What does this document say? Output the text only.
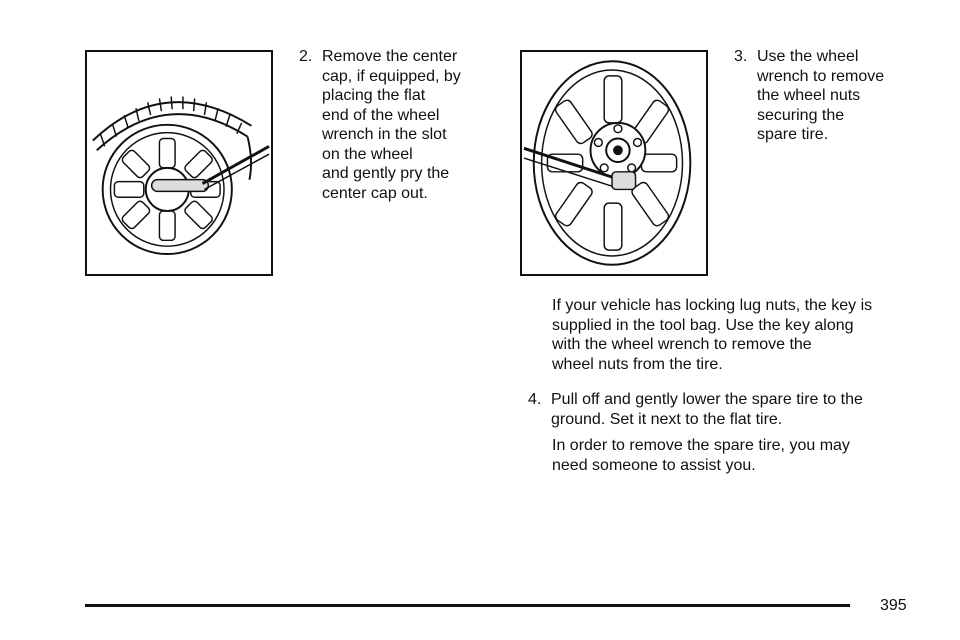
2. Remove the center
cap, if equipped, by
placing the flat
end of the wheel
wrench in the slot
on the wheel
and gently pry the
center cap out.
3. Use the wheel
wrench to remove
the wheel nuts
securing the
spare tire.

If your vehicle has locking lug nuts, the key is
supplied in the tool bag. Use the key along
with the wheel wrench to remove the
wheel nuts from the tire.

4. Pull off and gently lower the spare tire to the
ground. Set it next to the flat tire.

In order to remove the spare tire, you may
need someone to assist you.

395
